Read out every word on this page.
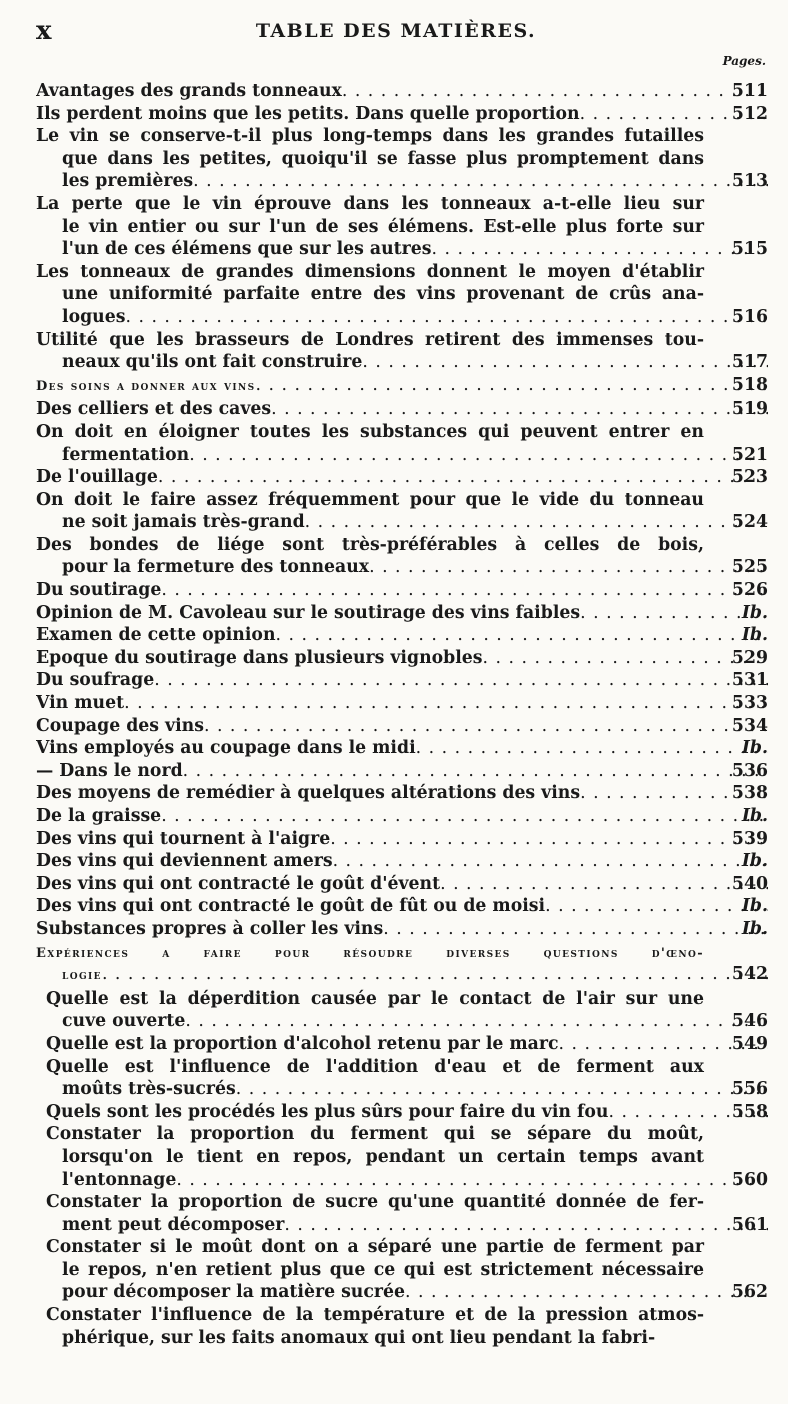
x	TABLE DES MATIÈRES.
Pages.
Avantages des grands tonneaux	511
. . .
Ils perdent moins que les petits. Dans quelle proportion	512
. . .
Le vin se conserve-t-il plus long-temps dans les grandes futailles
que dans les petites, quoiqu'il se fasse plus promptement dans
les premières	513
. . .
La perte que le vin éprouve dans les tonneaux a-t-elle lieu sur
le vin entier ou sur l'un de ses élémens. Est-elle plus forte sur
l'un de ces élémens que sur les autres	515
. . .
Les tonneaux de grandes dimensions donnent le moyen d'établir
une uniformité parfaite entre des vins provenant de crûs ana-
logues	516
. . .
Utilité que les brasseurs de Londres retirent des immenses tou-
neaux qu'ils ont fait construire	517
. . .
Des soins a donner aux vins	518
. . .
Des celliers et des caves	519
. . .
On doit en éloigner toutes les substances qui peuvent entrer en
fermentation	521
. . .
De l'ouillage	523
. . .
On doit le faire assez fréquemment pour que le vide du tonneau
ne soit jamais très-grand	524
. . .
Des bondes de liége sont très-préférables à celles de bois,
pour la fermeture des tonneaux	525
. . .
Du soutirage	526
. . .
Opinion de M. Cavoleau sur le soutirage des vins faibles	Ib.
. . .
Examen de cette opinion	Ib.
. . .
Epoque du soutirage dans plusieurs vignobles	529
. . .
Du soufrage	531
. . .
Vin muet	533
. . .
Coupage des vins	534
. . .
Vins employés au coupage dans le midi	Ib.
. . .
— Dans le nord	536
. . .
Des moyens de remédier à quelques altérations des vins	538
. . .
De la graisse	Ib.
. . .
Des vins qui tournent à l'aigre	539
. . .
Des vins qui deviennent amers	Ib.
. . .
Des vins qui ont contracté le goût d'évent	540
. . .
Des vins qui ont contracté le goût de fût ou de moisi	Ib.
. . .
Substances propres à coller les vins	Ib.
. . .
Expériences a faire pour résoudre diverses questions d'œno-
logie	542
. . .
Quelle est la déperdition causée par le contact de l'air sur une
cuve ouverte	546
. . .
Quelle est la proportion d'alcohol retenu par le marc	549
. . .
Quelle est l'influence de l'addition d'eau et de ferment aux
moûts très-sucrés	556
. . .
Quels sont les procédés les plus sûrs pour faire du vin fou	558
. . .
Constater la proportion du ferment qui se sépare du moût,
lorsqu'on le tient en repos, pendant un certain temps avant
l'entonnage	560
. . .
Constater la proportion de sucre qu'une quantité donnée de fer-
ment peut décomposer	561
. . .
Constater si le moût dont on a séparé une partie de ferment par
le repos, n'en retient plus que ce qui est strictement nécessaire
pour décomposer la matière sucrée	562
. . .
Constater l'influence de la température et de la pression atmos-
phérique, sur les faits anomaux qui ont lieu pendant la fabri-
